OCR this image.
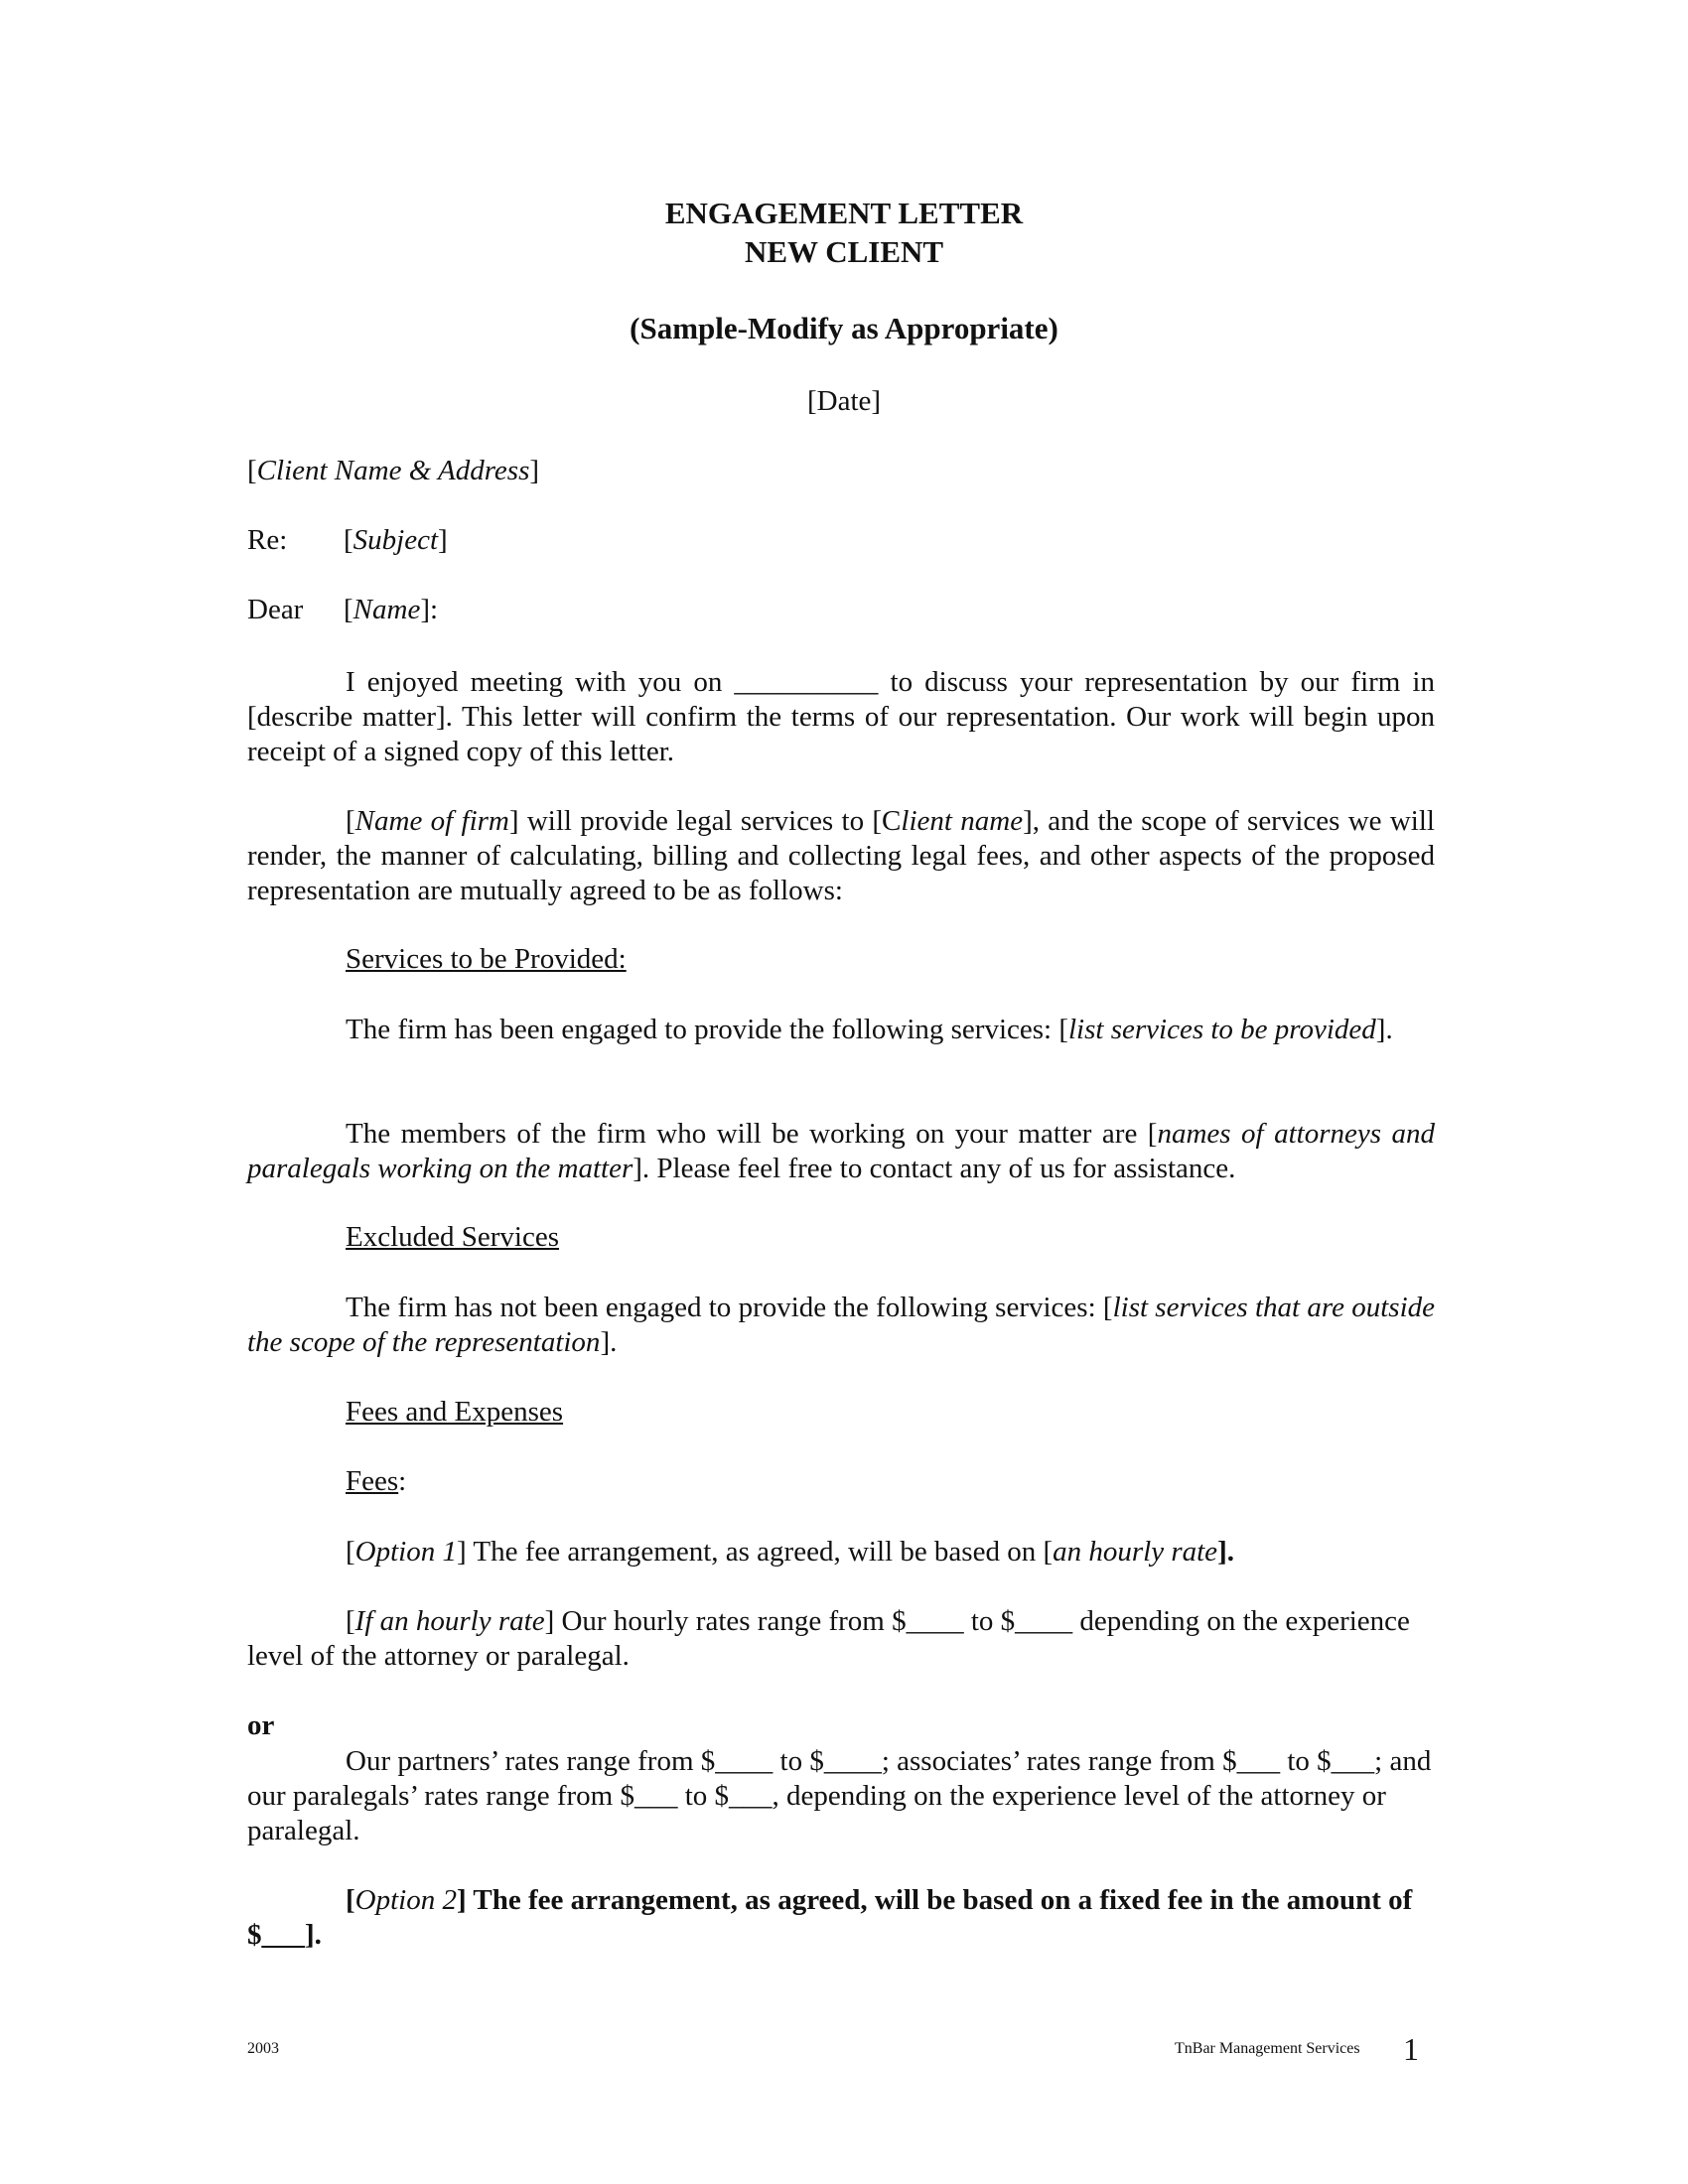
ENGAGEMENT LETTER
NEW CLIENT
(Sample-Modify as Appropriate)
[Date]
[Client Name & Address]
Re: [Subject]
Dear [Name]:
I enjoyed meeting with you on __________ to discuss your representation by our firm in [describe matter]. This letter will confirm the terms of our representation. Our work will begin upon receipt of a signed copy of this letter.
[Name of firm] will provide legal services to [Client name], and the scope of services we will render, the manner of calculating, billing and collecting legal fees, and other aspects of the proposed representation are mutually agreed to be as follows:
Services to be Provided:
The firm has been engaged to provide the following services: [list services to be provided].
The members of the firm who will be working on your matter are [names of attorneys and paralegals working on the matter]. Please feel free to contact any of us for assistance.
Excluded Services
The firm has not been engaged to provide the following services: [list services that are outside the scope of the representation].
Fees and Expenses
Fees:
[Option 1] The fee arrangement, as agreed, will be based on [an hourly rate].
[If an hourly rate] Our hourly rates range from $____ to $____ depending on the experience level of the attorney or paralegal.
or
Our partners’ rates range from $____ to $____; associates’ rates range from $___ to $___; and our paralegals’ rates range from $___ to $___, depending on the experience level of the attorney or paralegal.
[Option 2] The fee arrangement, as agreed, will be based on a fixed fee in the amount of $___].
2003	TnBar Management Services 1
